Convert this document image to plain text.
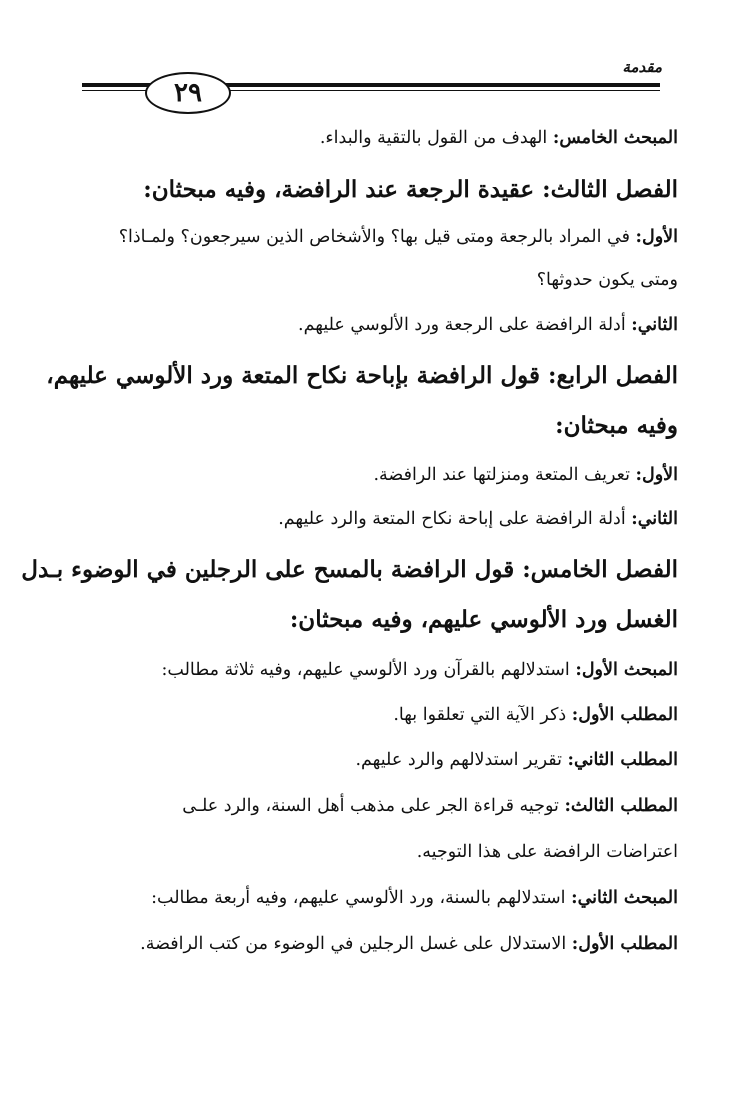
مقدمة
٢٩
المبحث الخامس: الهدف من القول بالتقية والبداء.
الفصل الثالث: عقيدة الرجعة عند الرافضة، وفيه مبحثان:
الأول: في المراد بالرجعة ومتى قيل بها؟ والأشخاص الذين سيرجعون؟ ولمـاذا؟
ومتى يكون حدوثها؟
الثاني: أدلة الرافضة على الرجعة ورد الألوسي عليهم.
الفصل الرابع: قول الرافضة بإباحة نكاح المتعة ورد الألوسي عليهم،
وفيه مبحثان:
الأول: تعريف المتعة ومنزلتها عند الرافضة.
الثاني: أدلة الرافضة على إباحة نكاح المتعة والرد عليهم.
الفصل الخامس: قول الرافضة بالمسح على الرجلين في الوضوء بـدل
الغسل ورد الألوسي عليهم، وفيه مبحثان:
المبحث الأول: استدلالهم بالقرآن ورد الألوسي عليهم، وفيه ثلاثة مطالب:
المطلب الأول: ذكر الآية التي تعلقوا بها.
المطلب الثاني: تقرير استدلالهم والرد عليهم.
المطلب الثالث: توجيه قراءة الجر على مذهب أهل السنة، والرد علـى
اعتراضات الرافضة على هذا التوجيه.
المبحث الثاني: استدلالهم بالسنة، ورد الألوسي عليهم، وفيه أربعة مطالب:
المطلب الأول: الاستدلال على غسل الرجلين في الوضوء من كتب الرافضة.
